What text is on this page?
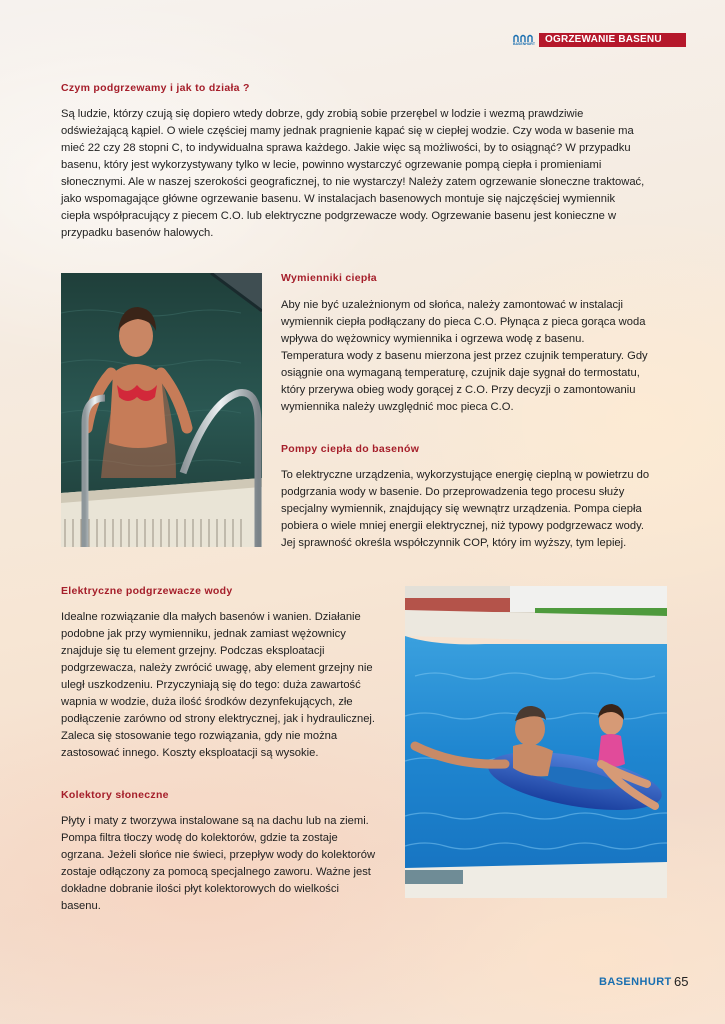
BASENHURT	OGRZEWANIE BASENU
Czym podgrzewamy i jak to działa ?

Są ludzie, którzy czują się dopiero wtedy dobrze, gdy zrobią sobie przerębel w lodzie i wezmą prawdziwie
odświeżającą kąpiel. O wiele częściej mamy jednak pragnienie kąpać się w ciepłej wodzie. Czy woda w basenie ma
mieć 22 czy 28 stopni C, to indywidualna sprawa każdego. Jakie więc są możliwości, by to osiągnąć? W przypadku
basenu, który jest wykorzystywany tylko w lecie, powinno wystarczyć ogrzewanie pompą ciepła i promieniami
słonecznymi. Ale w naszej szerokości geograficznej, to nie wystarczy! Należy zatem ogrzewanie słoneczne traktować,
jako wspomagające główne ogrzewanie basenu. W instalacjach basenowych montuje się najczęściej wymiennik
ciepła współpracujący z piecem C.O. lub elektryczne podgrzewacze wody. Ogrzewanie basenu jest konieczne w
przypadku basenów halowych.

Wymienniki ciepła

Aby nie być uzależnionym od słońca, należy zamontować w instalacji
wymiennik ciepła podłączany do pieca C.O. Płynąca z pieca gorąca woda
wpływa do wężownicy wymiennika i ogrzewa wodę z basenu.
Temperatura wody z basenu mierzona jest przez czujnik temperatury. Gdy
osiągnie ona wymaganą temperaturę, czujnik daje sygnał do termostatu,
który przerywa obieg wody gorącej z C.O. Przy decyzji o zamontowaniu
wymiennika należy uwzględnić moc pieca C.O.

Pompy ciepła do basenów

To elektryczne urządzenia, wykorzystujące energię cieplną w powietrzu do
podgrzania wody w basenie. Do przeprowadzenia tego procesu służy
specjalny wymiennik, znajdujący się wewnątrz urządzenia. Pompa ciepła
pobiera o wiele mniej energii elektrycznej, niż typowy podgrzewacz wody.
Jej sprawność określa współczynnik COP, który im wyższy, tym lepiej.

Elektryczne podgrzewacze wody

Idealne rozwiązanie dla małych basenów i wanien. Działanie
podobne jak przy wymienniku, jednak zamiast wężownicy
znajduje się tu element grzejny. Podczas eksploatacji
podgrzewacza, należy zwrócić uwagę, aby element grzejny nie
uległ uszkodzeniu. Przyczyniają się do tego: duża zawartość
wapnia w wodzie, duża ilość środków dezynfekujących, złe
podłączenie zarówno od strony elektrycznej, jak i hydraulicznej.
Zaleca się stosowanie tego rozwiązania, gdy nie można
zastosować innego. Koszty eksploatacji są wysokie.

Kolektory słoneczne

Płyty i maty z tworzywa instalowane są na dachu lub na ziemi.
Pompa filtra tłoczy wodę do kolektorów, gdzie ta zostaje
ogrzana. Jeżeli słońce nie świeci, przepływ wody do kolektorów
zostaje odłączony za pomocą specjalnego zaworu. Ważne jest
dokładne dobranie ilości płyt kolektorowych do wielkości
basenu.

BASENHURT 65
